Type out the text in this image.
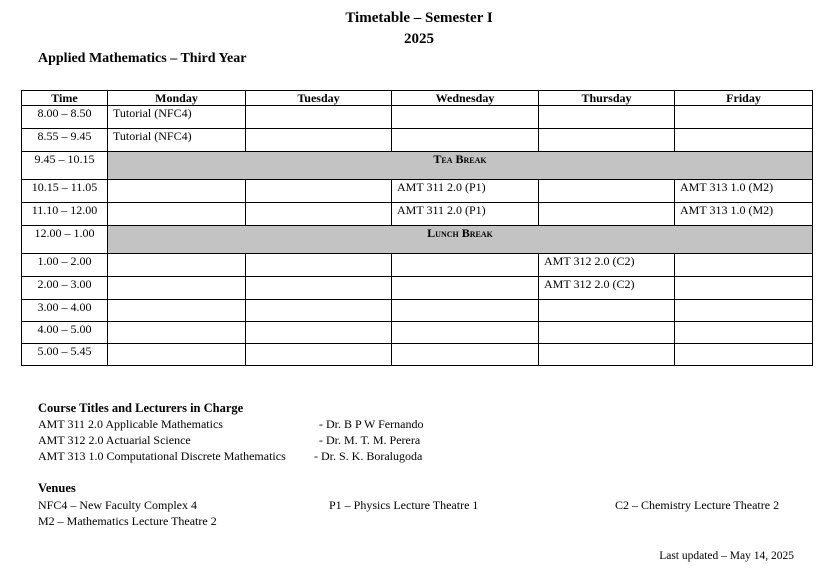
Timetable – Semester I
2025
Applied Mathematics – Third Year
Time	Monday	Tuesday	Wednesday	Thursday	Friday
8.00 – 8.50	Tutorial (NFC4)				
8.55 – 9.45	Tutorial (NFC4)				
9.45 – 10.15	Tea Break				
10.15 – 11.05			AMT 311 2.0 (P1)		AMT 313 1.0 (M2)
11.10 – 12.00			AMT 311 2.0 (P1)		AMT 313 1.0 (M2)
12.00 – 1.00	Lunch Break				
1.00 – 2.00				AMT 312 2.0 (C2)	
2.00 – 3.00				AMT 312 2.0 (C2)	
3.00 – 4.00					
4.00 – 5.00					
5.00 – 5.45					
Course Titles and Lecturers in Charge
AMT 311 2.0 Applicable Mathematics	- Dr. B P W Fernando
AMT 312 2.0 Actuarial Science	- Dr. M. T. M. Perera
AMT 313 1.0 Computational Discrete Mathematics - Dr. S. K. Boralugoda
Venues
NFC4 – New Faculty Complex 4	P1 – Physics Lecture Theatre 1	C2 – Chemistry Lecture Theatre 2
M2 – Mathematics Lecture Theatre 2
Last updated – May 14, 2025
